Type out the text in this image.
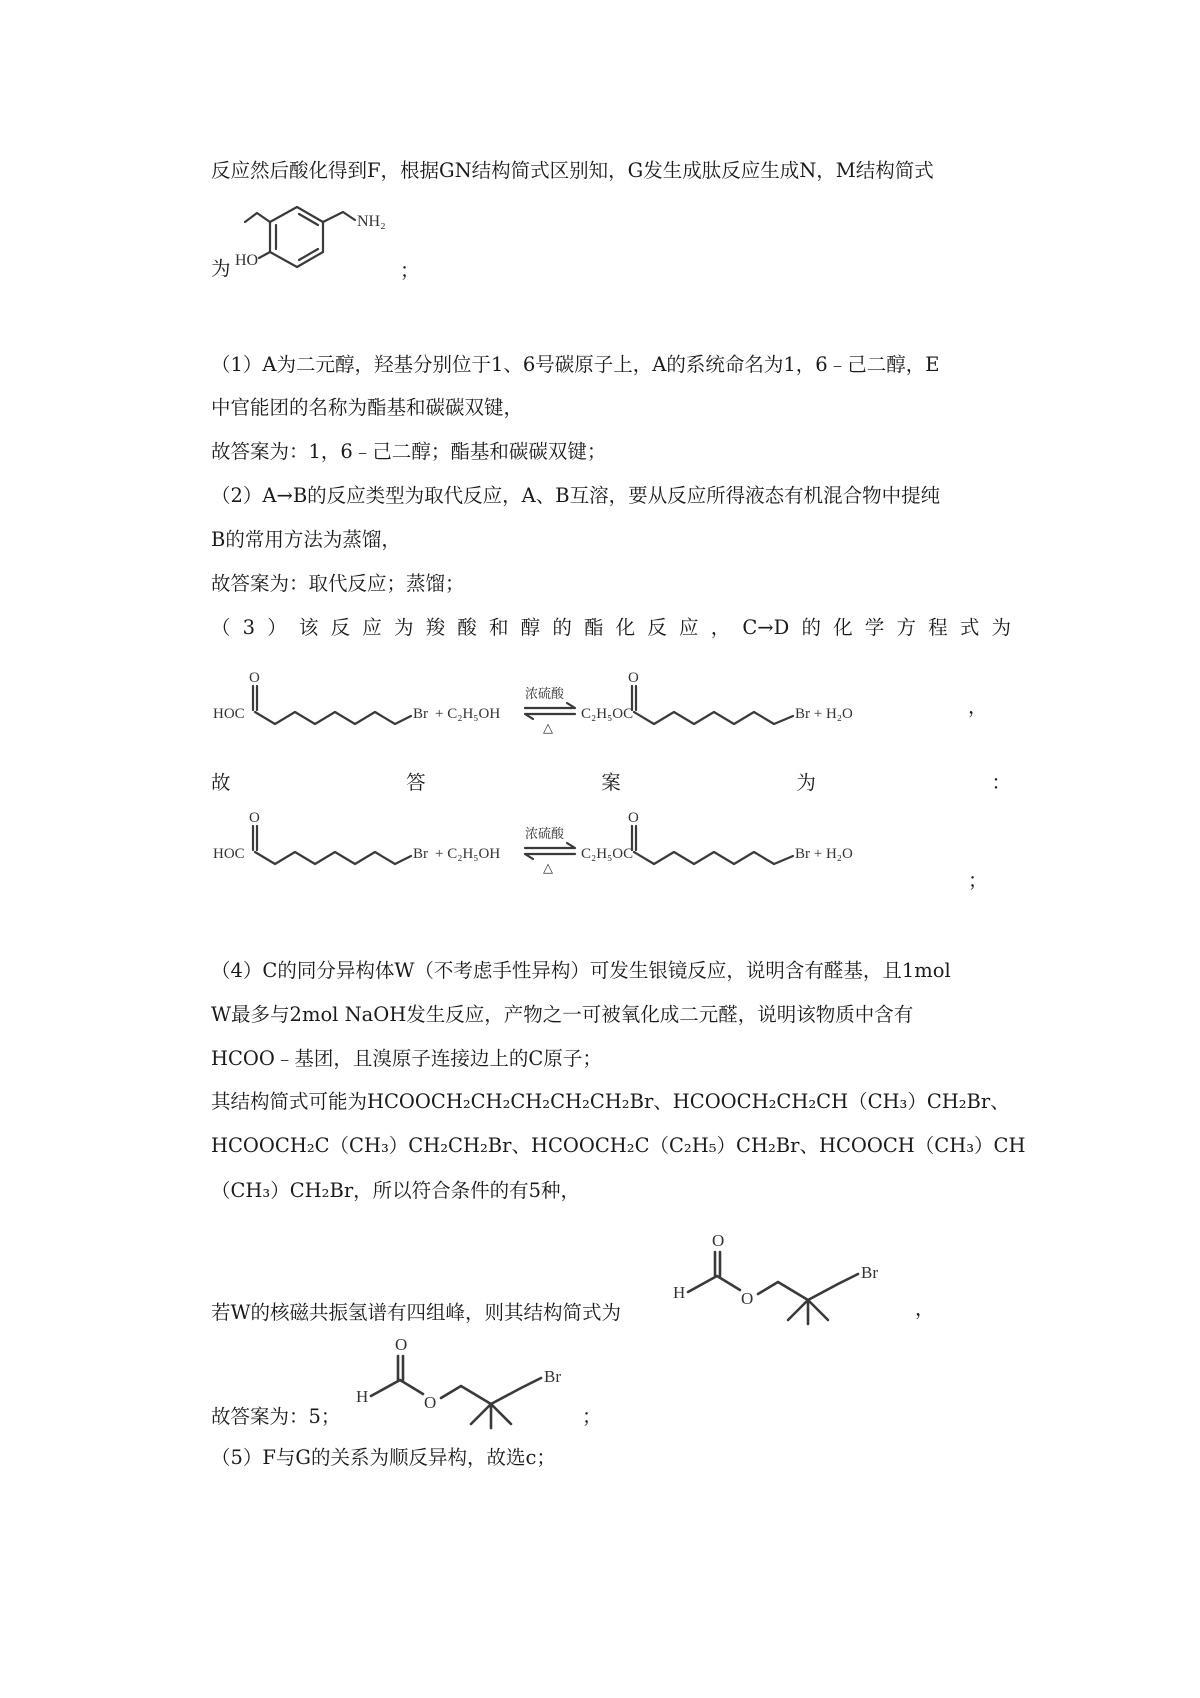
反应然后酸化得到F，根据GN结构简式区别知，G发生成肽反应生成N，M结构简式
为 HO
NH₂
；
（1）A为二元醇，羟基分别位于1、6号碳原子上，A的系统命名为1，6﹣己二醇，E
中官能团的名称为酯基和碳碳双键，
故答案为：1，6﹣己二醇；酯基和碳碳双键；
（2）A→B的反应类型为取代反应，A、B互溶，要从反应所得液态有机混合物中提纯
B的常用方法为蒸馏，
故答案为：取代反应；蒸馏；
（3）该反应为羧酸和醇的酯化反应，C→D的化学方程式为
O
HOC	Br + C₂H₅OH
浓硫酸
△
O
C₂H₅OC	Br + H₂O	，
故答案为：
O
HOC	Br + C₂H₅OH
浓硫酸
△
O
C₂H₅OC	Br + H₂O
；
（4）C的同分异构体W（不考虑手性异构）可发生银镜反应，说明含有醛基，且1mol
W最多与2mol NaOH发生反应，产物之一可被氧化成二元醛，说明该物质中含有
HCOO﹣基团，且溴原子连接边上的C原子；
其结构简式可能为HCOOCH₂CH₂CH₂CH₂CH₂Br、HCOOCH₂CH₂CH（CH₃）CH₂Br、
HCOOCH₂C（CH₃）CH₂CH₂Br、HCOOCH₂C（C₂H₅）CH₂Br、HCOOCH（CH₃）CH
（CH₃）CH₂Br，所以符合条件的有5种，
若W的核磁共振氢谱有四组峰，则其结构简式为
O
H	O
Br
，
故答案为：5；
O
H	O
Br
；
（5）F与G的关系为顺反异构，故选c；
